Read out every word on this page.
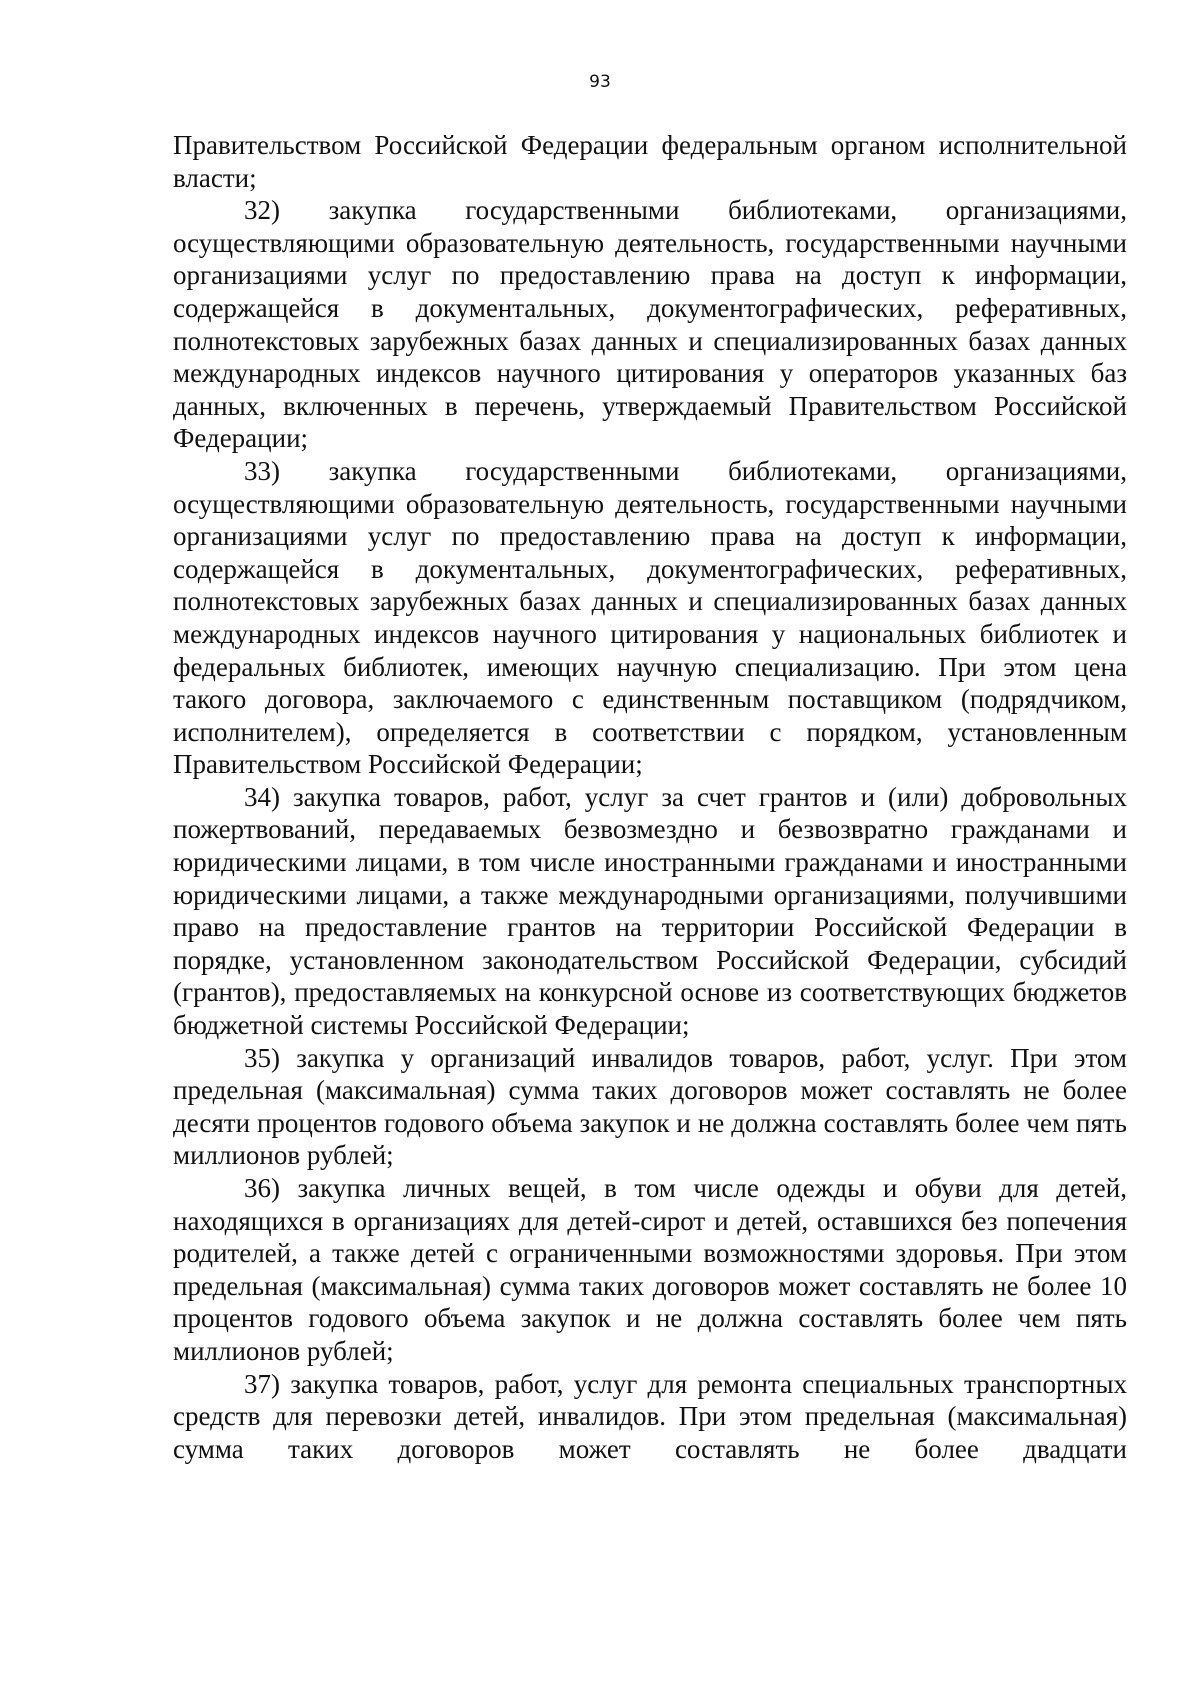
93

Правительством Российской Федерации федеральным органом исполнительной власти;

32) закупка государственными библиотеками, организациями, осуществляющими образовательную деятельность, государственными научными организациями услуг по предоставлению права на доступ к информации, содержащейся в документальных, документографических, реферативных, полнотекстовых зарубежных базах данных и специализированных базах данных международных индексов научного цитирования у операторов указанных баз данных, включенных в перечень, утверждаемый Правительством Российской Федерации;

33) закупка государственными библиотеками, организациями, осуществляющими образовательную деятельность, государственными научными организациями услуг по предоставлению права на доступ к информации, содержащейся в документальных, документографических, реферативных, полнотекстовых зарубежных базах данных и специализированных базах данных международных индексов научного цитирования у национальных библиотек и федеральных библиотек, имеющих научную специализацию. При этом цена такого договора, заключаемого с единственным поставщиком (подрядчиком, исполнителем), определяется в соответствии с порядком, установленным Правительством Российской Федерации;

34) закупка товаров, работ, услуг за счет грантов и (или) добровольных пожертвований, передаваемых безвозмездно и безвозвратно гражданами и юридическими лицами, в том числе иностранными гражданами и иностранными юридическими лицами, а также международными организациями, получившими право на предоставление грантов на территории Российской Федерации в порядке, установленном законодательством Российской Федерации, субсидий (грантов), предоставляемых на конкурсной основе из соответствующих бюджетов бюджетной системы Российской Федерации;

35) закупка у организаций инвалидов товаров, работ, услуг. При этом предельная (максимальная) сумма таких договоров может составлять не более десяти процентов годового объема закупок и не должна составлять более чем пять миллионов рублей;

36) закупка личных вещей, в том числе одежды и обуви для детей, находящихся в организациях для детей-сирот и детей, оставшихся без попечения родителей, а также детей с ограниченными возможностями здоровья. При этом предельная (максимальная) сумма таких договоров может составлять не более 10 процентов годового объема закупок и не должна составлять более чем пять миллионов рублей;

37) закупка товаров, работ, услуг для ремонта специальных транспортных средств для перевозки детей, инвалидов. При этом предельная (максимальная) сумма таких договоров может составлять не более двадцати
